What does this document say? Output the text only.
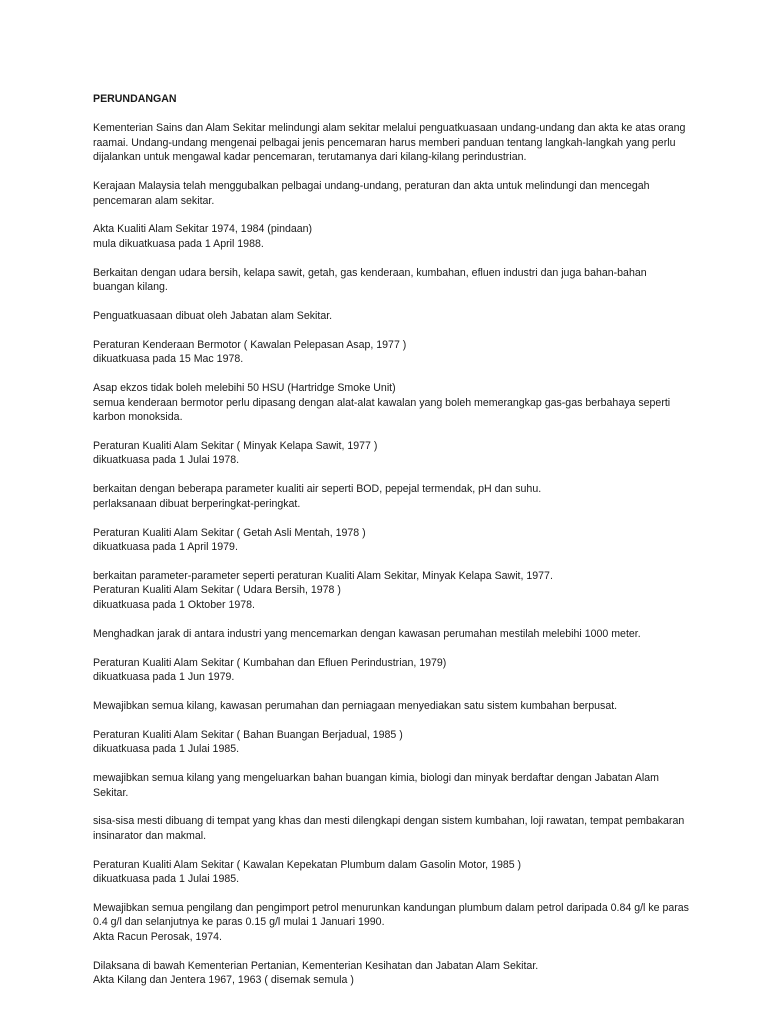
PERUNDANGAN
Kementerian Sains dan Alam Sekitar melindungi alam sekitar melalui penguatkuasaan undang-undang dan akta ke atas orang
raamai. Undang-undang mengenai pelbagai jenis pencemaran harus memberi panduan tentang langkah-langkah yang perlu
dijalankan untuk mengawal kadar pencemaran, terutamanya dari kilang-kilang perindustrian.
Kerajaan Malaysia telah menggubalkan pelbagai undang-undang, peraturan dan akta untuk melindungi dan mencegah
pencemaran alam sekitar.
Akta Kualiti Alam Sekitar 1974, 1984 (pindaan)
mula dikuatkuasa pada 1 April 1988.
Berkaitan dengan udara bersih, kelapa sawit, getah, gas kenderaan, kumbahan, efluen industri dan juga bahan-bahan
buangan kilang.
Penguatkuasaan dibuat oleh Jabatan alam Sekitar.
Peraturan Kenderaan Bermotor ( Kawalan Pelepasan Asap, 1977 )
dikuatkuasa pada 15 Mac 1978.
Asap ekzos tidak boleh melebihi 50 HSU (Hartridge Smoke Unit)
semua kenderaan bermotor perlu dipasang dengan alat-alat kawalan yang boleh memerangkap gas-gas berbahaya seperti
karbon monoksida.
Peraturan Kualiti Alam Sekitar ( Minyak Kelapa Sawit, 1977 )
dikuatkuasa pada 1 Julai 1978.
berkaitan dengan beberapa parameter kualiti air seperti BOD, pepejal termendak, pH dan suhu.
perlaksanaan dibuat berperingkat-peringkat.
Peraturan Kualiti Alam Sekitar ( Getah Asli Mentah, 1978 )
dikuatkuasa pada 1 April 1979.
berkaitan parameter-parameter seperti peraturan Kualiti Alam Sekitar, Minyak Kelapa Sawit, 1977.
Peraturan Kualiti Alam Sekitar ( Udara Bersih, 1978 )
dikuatkuasa pada 1 Oktober 1978.
Menghadkan jarak di antara industri yang mencemarkan dengan kawasan perumahan mestilah melebihi 1000 meter.
Peraturan Kualiti Alam Sekitar ( Kumbahan dan Efluen Perindustrian, 1979)
dikuatkuasa pada 1 Jun 1979.
Mewajibkan semua kilang, kawasan perumahan dan perniagaan menyediakan satu sistem kumbahan berpusat.
Peraturan Kualiti Alam Sekitar ( Bahan Buangan Berjadual, 1985 )
dikuatkuasa pada 1 Julai 1985.
mewajibkan semua kilang yang mengeluarkan bahan buangan kimia, biologi dan minyak berdaftar dengan Jabatan Alam
Sekitar.
sisa-sisa mesti dibuang di tempat yang khas dan mesti dilengkapi dengan sistem kumbahan, loji rawatan, tempat pembakaran
insinarator dan makmal.
Peraturan Kualiti Alam Sekitar ( Kawalan Kepekatan Plumbum dalam Gasolin Motor, 1985 )
dikuatkuasa pada 1 Julai 1985.
Mewajibkan semua pengilang dan pengimport petrol menurunkan kandungan plumbum dalam petrol daripada 0.84 g/l ke paras
0.4 g/l dan selanjutnya ke paras 0.15 g/l mulai 1 Januari 1990.
Akta Racun Perosak, 1974.
Dilaksana di bawah Kementerian Pertanian, Kementerian Kesihatan dan Jabatan Alam Sekitar.
Akta Kilang dan Jentera 1967, 1963 ( disemak semula )
